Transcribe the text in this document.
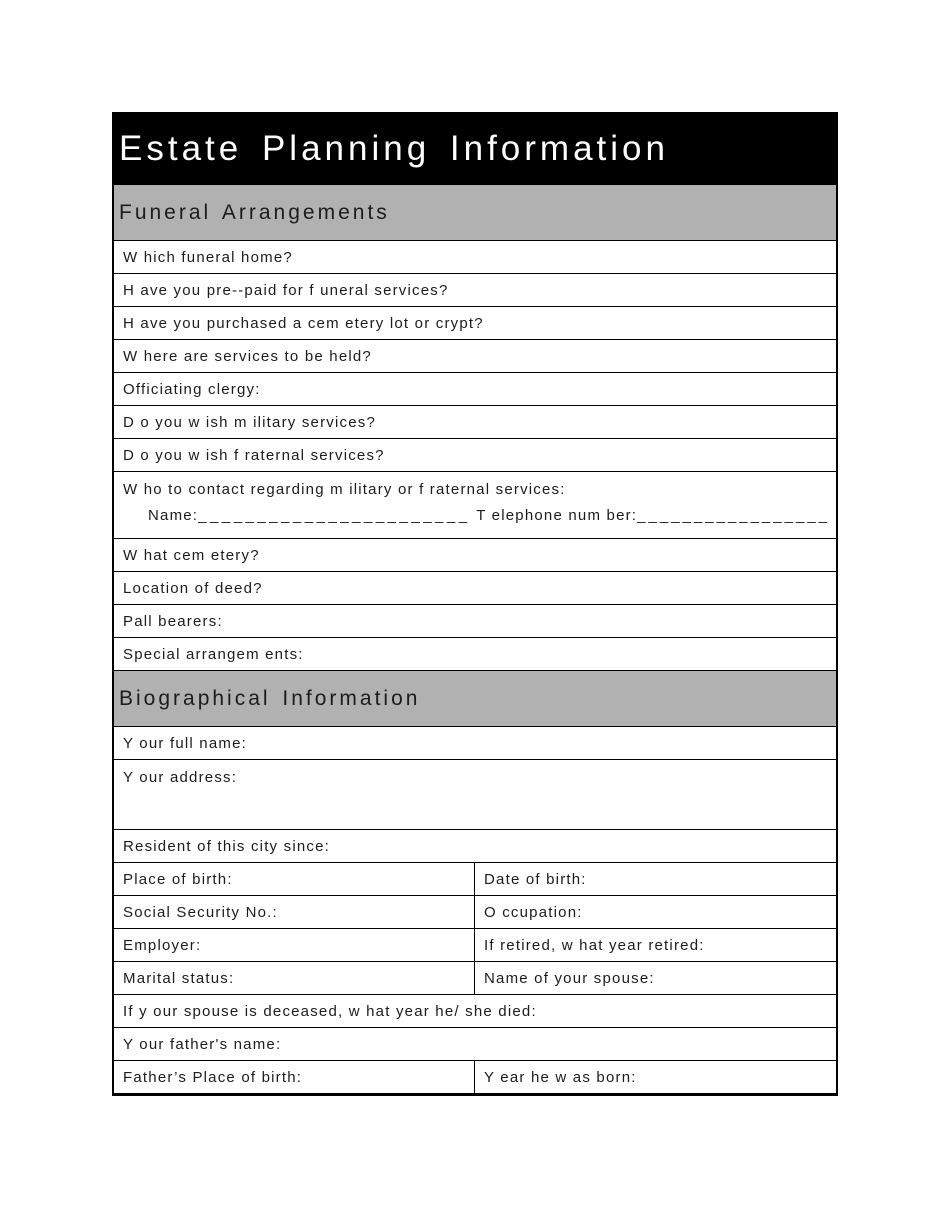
Estate Planning Information
Funeral Arrangements
W hich funeral home?
H ave you pre--paid for f uneral services?
H ave you purchased a cem etery lot or crypt?
W here are services to be held?
Officiating clergy:
D o you w ish m ilitary services?
D o you w ish f raternal services?
W ho to contact regarding m ilitary or f raternal services:
Name: _______________________ T elephone num ber: _________________
W hat cem etery?
Location of deed?
Pall bearers:
Special arrangem ents:
Biographical Information
Y our full name:
Y our address:
Resident of this city since:
Place of birth:	Date of birth:
Social Security No.:	O ccupation:
Employer:	If retired, w hat year retired:
Marital status:	Name of your spouse:
If y our spouse is deceased, w hat year he/ she died:
Y our father's name:
Father’s Place of birth:	Y ear he w as born:
